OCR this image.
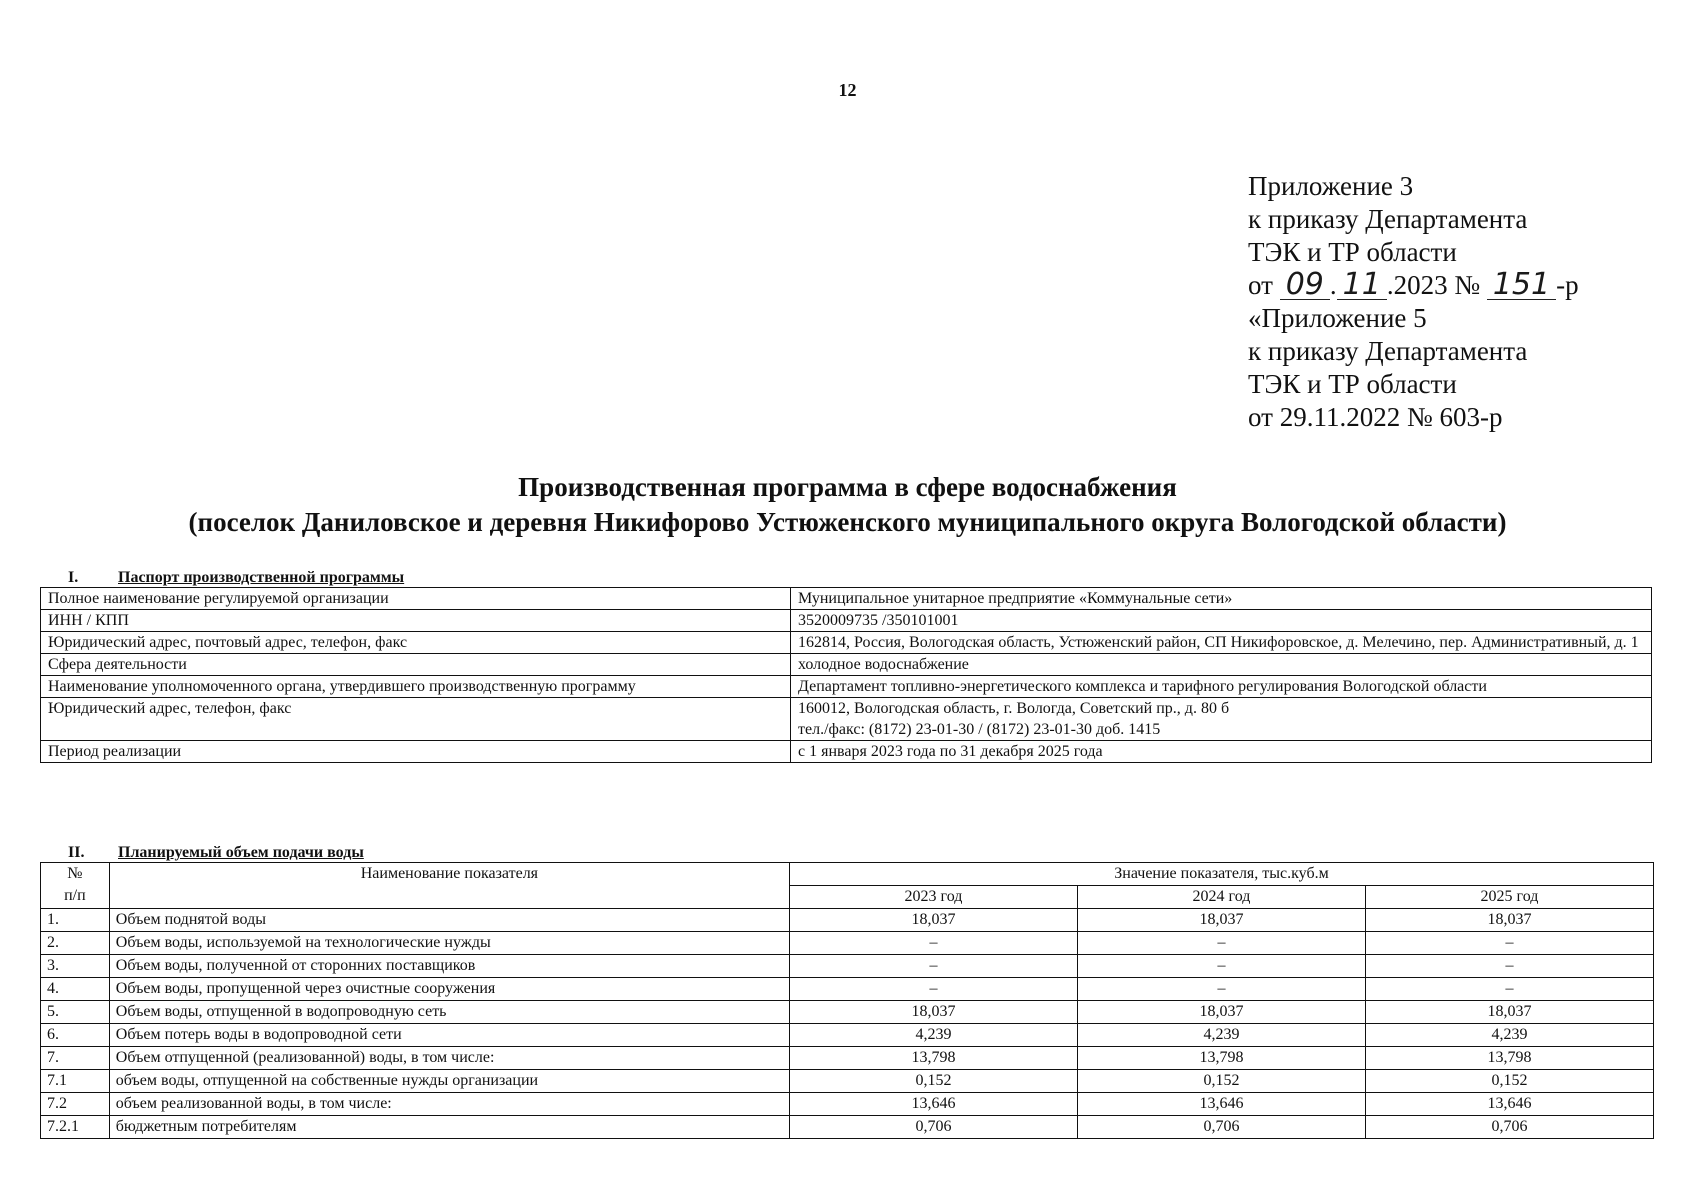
12
Приложение 3
к приказу Департамента
ТЭК и ТР области
от 09 . 11 .2023 № 151 -р
«Приложение 5
к приказу Департамента
ТЭК и ТР области
от 29.11.2022 № 603-р
Производственная программа в сфере водоснабжения
(поселок Даниловское и деревня Никифорово Устюженского муниципального округа Вологодской области)
I. Паспорт производственной программы
Полное наименование регулируемой организации	Муниципальное унитарное предприятие «Коммунальные сети»

ИНН / КПП	3520009735 /350101001

Юридический адрес, почтовый адрес, телефон, факс	162814, Россия, Вологодская область, Устюженский район, СП Никифоровское, д. Мелечино, пер. Административный, д. 1

Сфера деятельности	холодное водоснабжение

Наименование уполномоченного органа, утвердившего производственную программу	Департамент топливно-энергетического комплекса и тарифного регулирования Вологодской области

Юридический адрес, телефон, факс	160012, Вологодская область, г. Вологда, Советский пр., д. 80 б
тел./факс: (8172) 23-01-30 / (8172) 23-01-30 доб. 1415

Период реализации	с 1 января 2023 года по 31 декабря 2025 года
II. Планируемый объем подачи воды
№
п/п	Наименование показателя	Значение показателя, тыс.куб.м		
		2023 год	2024 год	2025 год
1.	Объем поднятой воды	18,037	18,037	18,037
2.	Объем воды, используемой на технологические нужды	–	–	–
3.	Объем воды, полученной от сторонних поставщиков	–	–	–
4.	Объем воды, пропущенной через очистные сооружения	–	–	–
5.	Объем воды, отпущенной в водопроводную сеть	18,037	18,037	18,037
6.	Объем потерь воды в водопроводной сети	4,239	4,239	4,239
7.	Объем отпущенной (реализованной) воды, в том числе:	13,798	13,798	13,798
7.1	объем воды, отпущенной на собственные нужды организации	0,152	0,152	0,152
7.2	объем реализованной воды, в том числе:	13,646	13,646	13,646
7.2.1	бюджетным потребителям	0,706	0,706	0,706
